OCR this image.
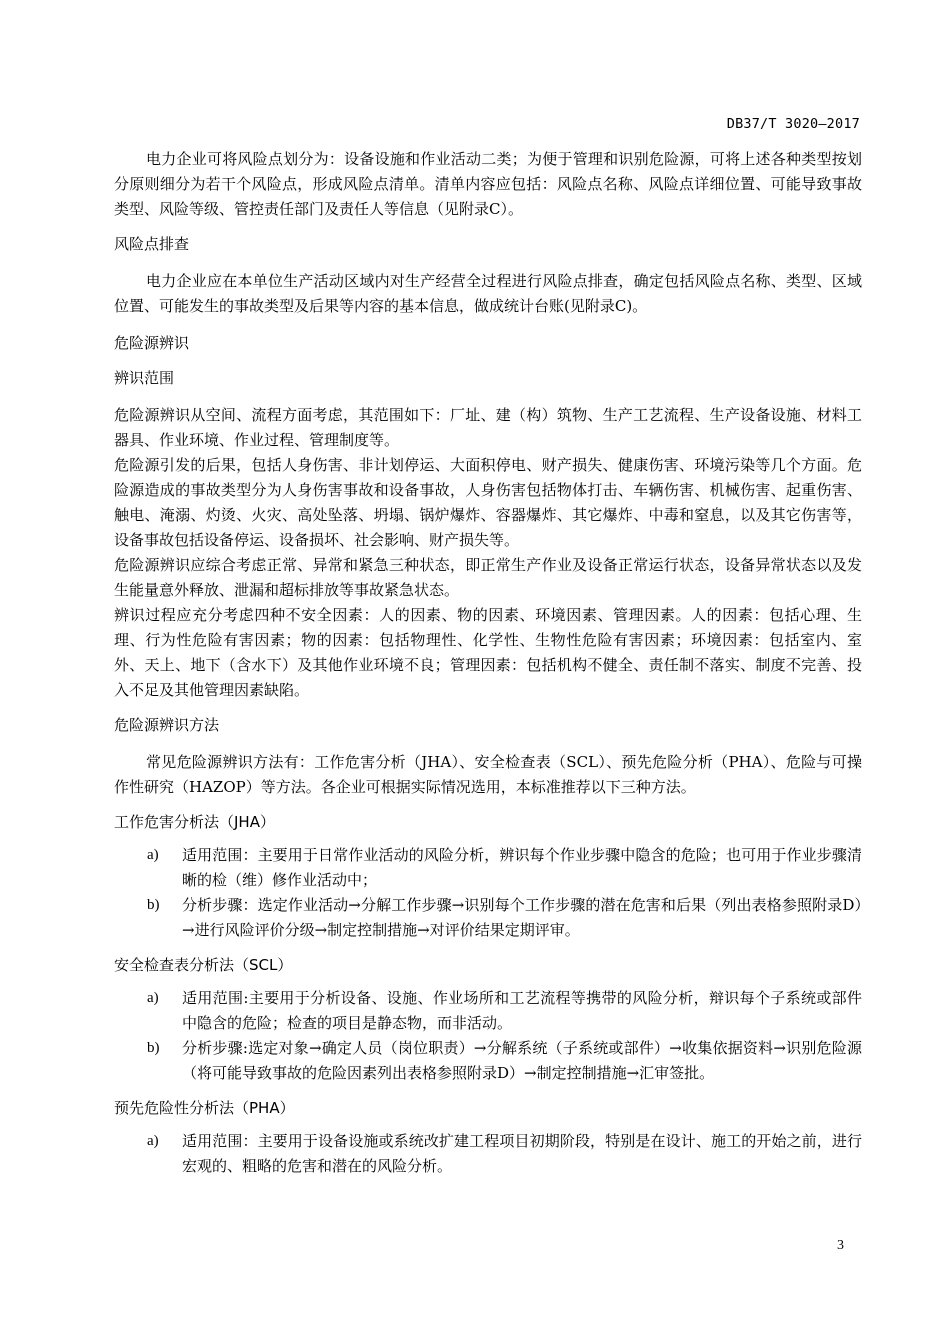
DB37/T 3020—2017

电力企业可将风险点划分为：设备设施和作业活动二类；为便于管理和识别危险源，可将上述各种类型按划分原则细分为若干个风险点，形成风险点清单。清单内容应包括：风险点名称、风险点详细位置、可能导致事故类型、风险等级、管控责任部门及责任人等信息（见附录C）。

风险点排查

电力企业应在本单位生产活动区域内对生产经营全过程进行风险点排查，确定包括风险点名称、类型、区域位置、可能发生的事故类型及后果等内容的基本信息，做成统计台账(见附录C)。

危险源辨识
辨识范围

危险源辨识从空间、流程方面考虑，其范围如下：厂址、建（构）筑物、生产工艺流程、生产设备设施、材料工器具、作业环境、作业过程、管理制度等。

危险源引发的后果，包括人身伤害、非计划停运、大面积停电、财产损失、健康伤害、环境污染等几个方面。危险源造成的事故类型分为人身伤害事故和设备事故，人身伤害包括物体打击、车辆伤害、机械伤害、起重伤害、触电、淹溺、灼烫、火灾、高处坠落、坍塌、锅炉爆炸、容器爆炸、其它爆炸、中毒和窒息，以及其它伤害等，设备事故包括设备停运、设备损坏、社会影响、财产损失等。

危险源辨识应综合考虑正常、异常和紧急三种状态，即正常生产作业及设备正常运行状态，设备异常状态以及发生能量意外释放、泄漏和超标排放等事故紧急状态。

辨识过程应充分考虑四种不安全因素：人的因素、物的因素、环境因素、管理因素。人的因素：包括心理、生理、行为性危险有害因素；物的因素：包括物理性、化学性、生物性危险有害因素；环境因素：包括室内、室外、天上、地下（含水下）及其他作业环境不良；管理因素：包括机构不健全、责任制不落实、制度不完善、投入不足及其他管理因素缺陷。

危险源辨识方法

常见危险源辨识方法有：工作危害分析（JHA）、安全检查表（SCL）、预先危险分析（PHA）、危险与可操作性研究（HAZOP）等方法。各企业可根据实际情况选用，本标准推荐以下三种方法。

工作危害分析法（JHA）
a) 适用范围：主要用于日常作业活动的风险分析，辨识每个作业步骤中隐含的危险；也可用于作业步骤清晰的检（维）修作业活动中；

b) 分析步骤：选定作业活动→分解工作步骤→识别每个工作步骤的潜在危害和后果（列出表格参照附录D）→进行风险评价分级→制定控制措施→对评价结果定期评审。

安全检查表分析法（SCL）
a) 适用范围:主要用于分析设备、设施、作业场所和工艺流程等携带的风险分析，辩识每个子系统或部件中隐含的危险；检查的项目是静态物，而非活动。

b) 分析步骤:选定对象→确定人员（岗位职责）→分解系统（子系统或部件）→收集依据资料→识别危险源（将可能导致事故的危险因素列出表格参照附录D）→制定控制措施→汇审签批。

预先危险性分析法（PHA）
a) 适用范围：主要用于设备设施或系统改扩建工程项目初期阶段，特别是在设计、施工的开始之前，进行宏观的、粗略的危害和潜在的风险分析。

3
